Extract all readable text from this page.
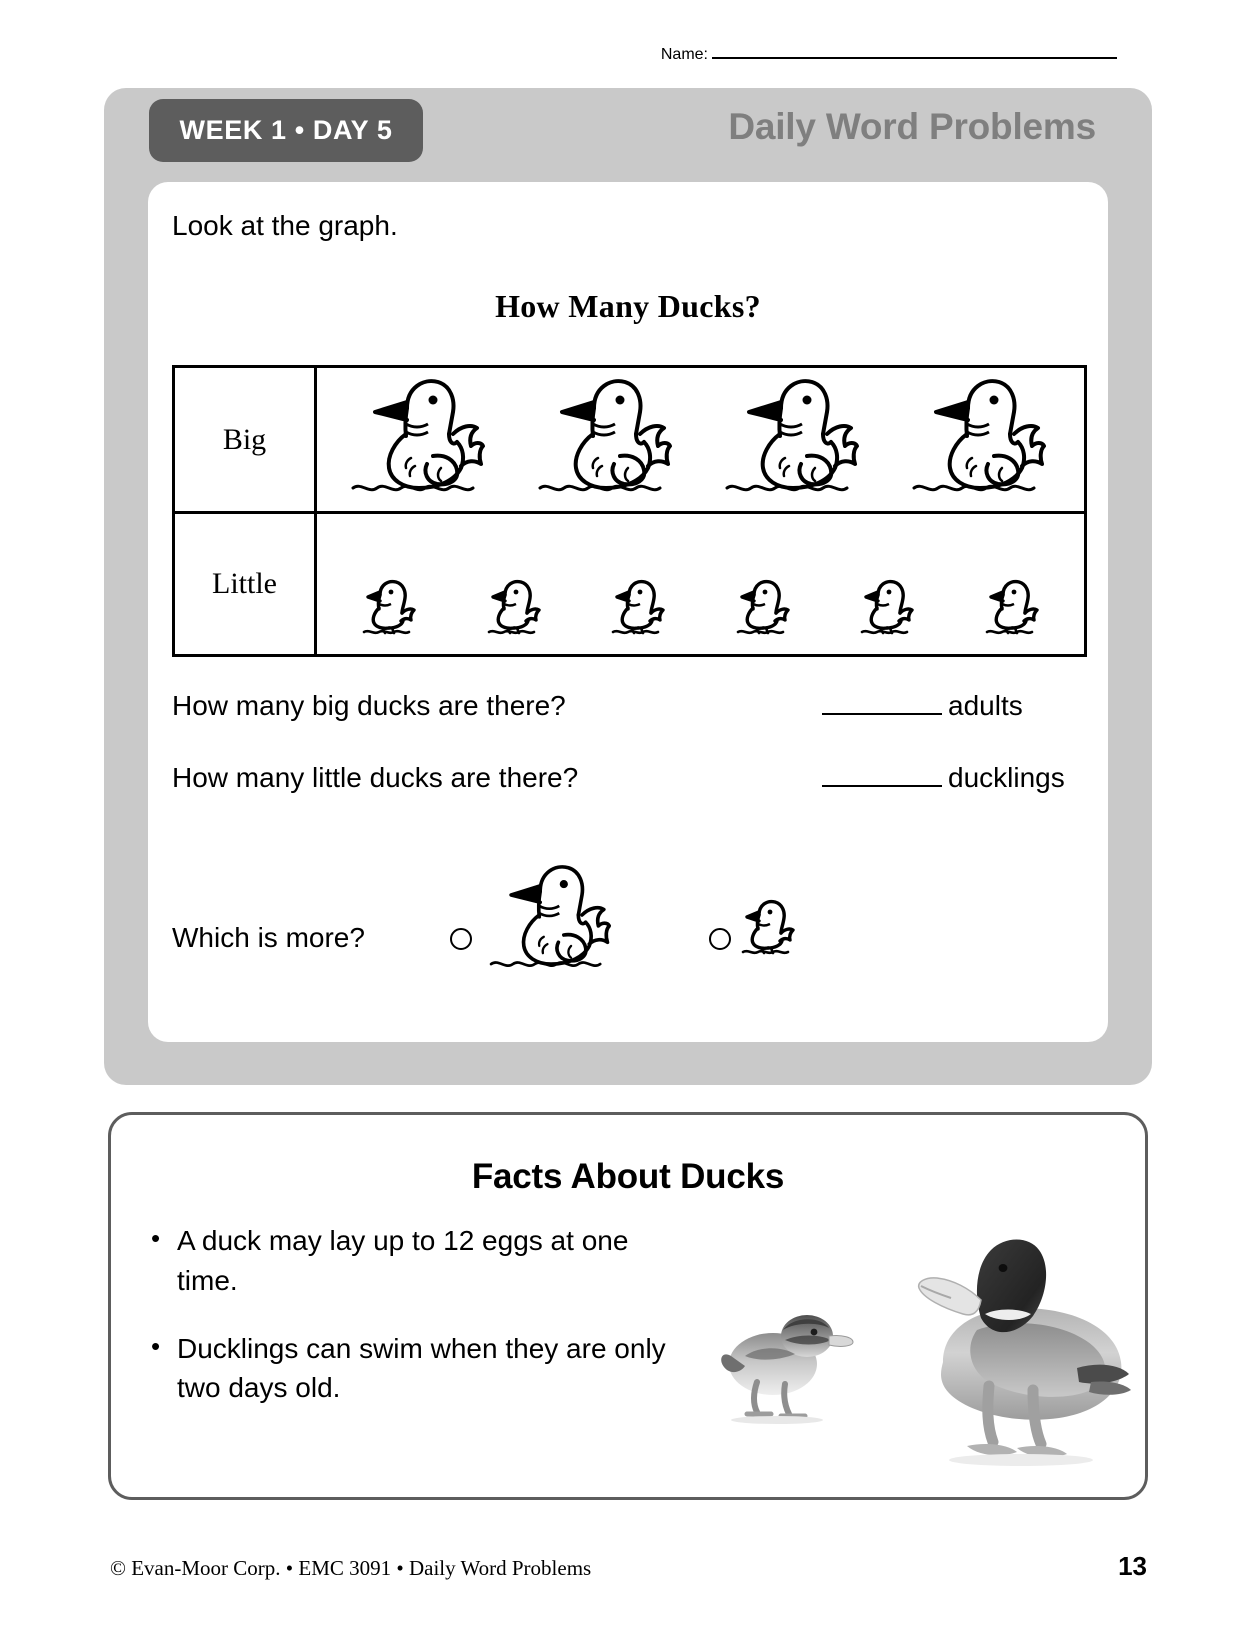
Name:
WEEK 1 • DAY 5	Daily Word Problems
Look at the graph.
How Many Ducks?
Big
Little
How many big ducks are there?	adults
How many little ducks are there?	ducklings
Which is more?
Facts About Ducks
• A duck may lay up to 12 eggs at one time.
• Ducklings can swim when they are only two days old.
© Evan-Moor Corp. • EMC 3091 • Daily Word Problems	13
